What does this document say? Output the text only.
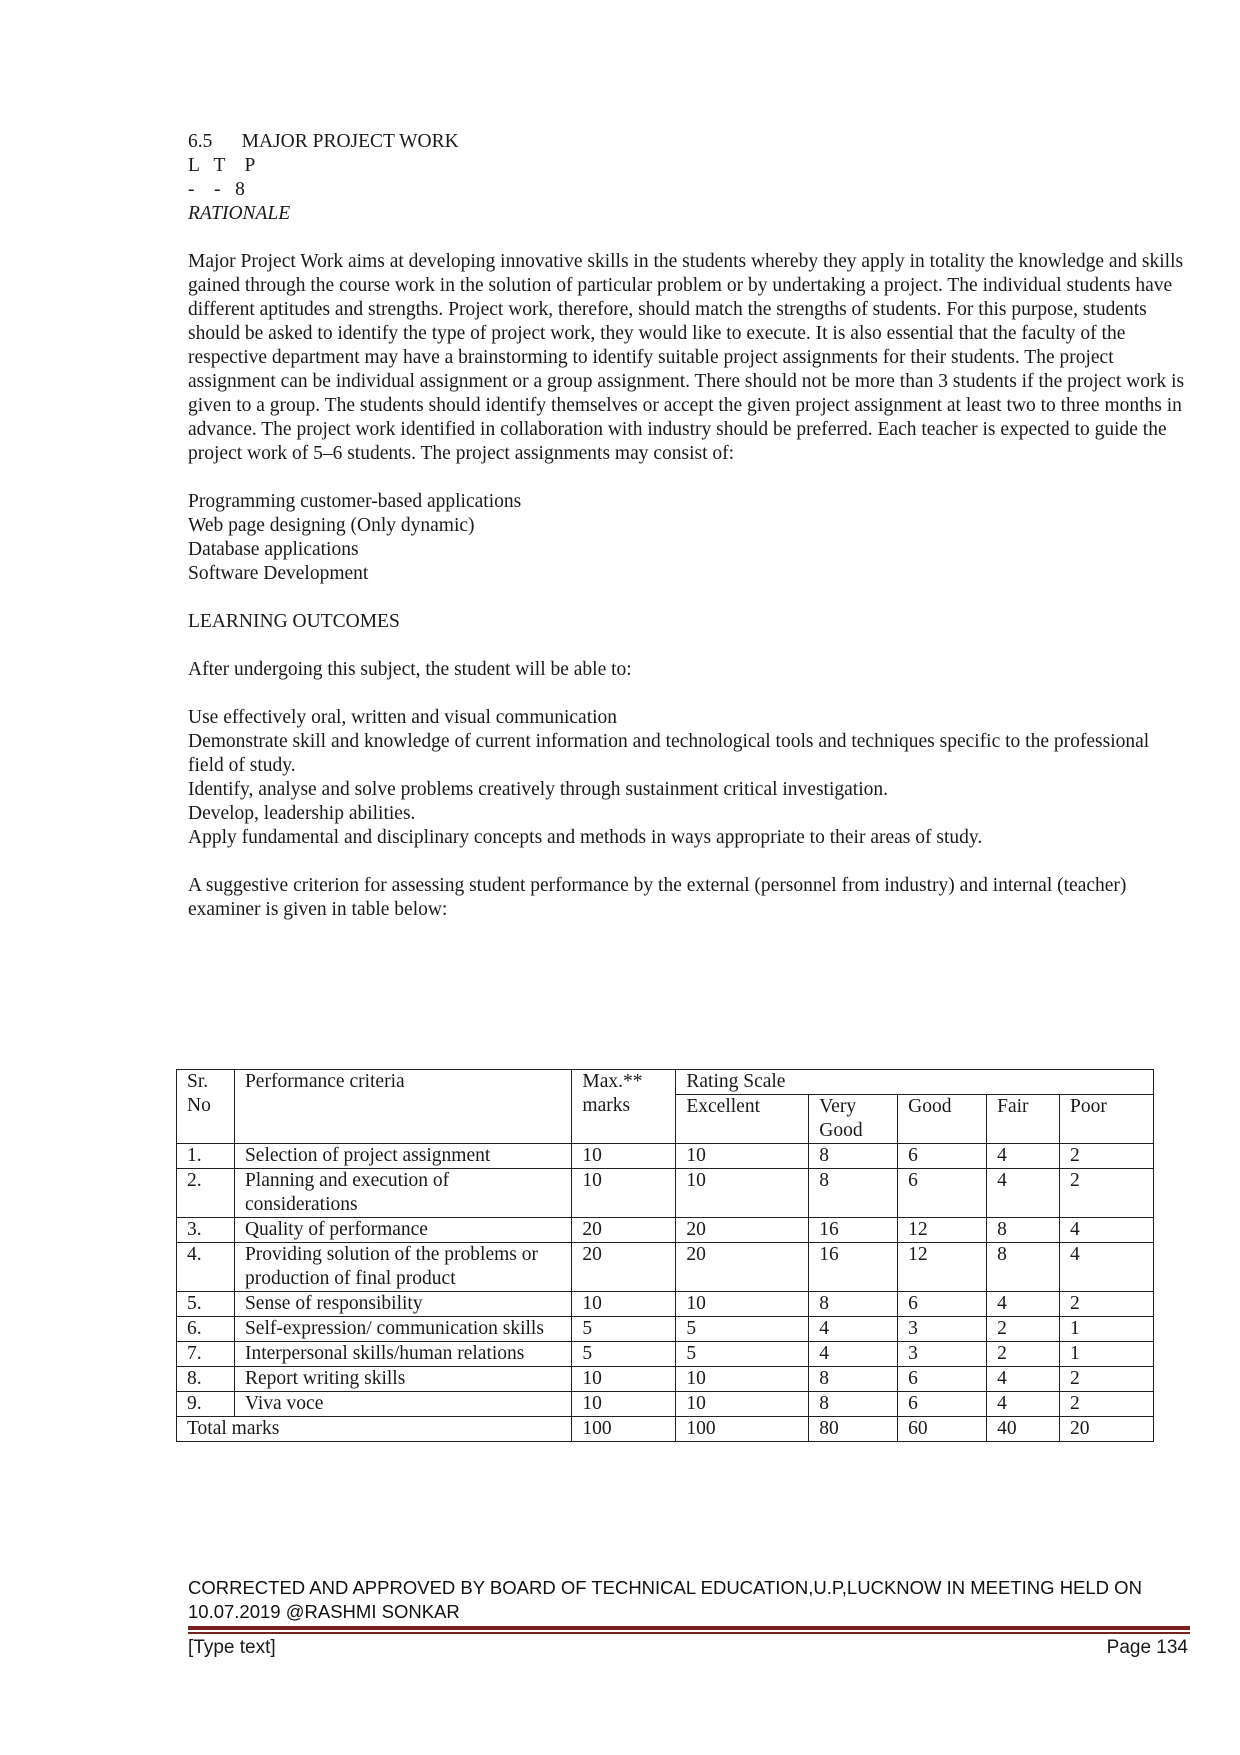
6.5 MAJOR PROJECT WORK
L   T    P
-    -   8
RATIONALE

Major Project Work aims at developing innovative skills in the students whereby they apply in totality the knowledge and skills gained through the course work in the solution of particular problem or by undertaking a project. The individual students have different aptitudes and strengths. Project work, therefore, should match the strengths of students. For this purpose, students should be asked to identify the type of project work, they would like to execute. It is also essential that the faculty of the respective department may have a brainstorming to identify suitable project assignments for their students. The project assignment can be individual assignment or a group assignment. There should not be more than 3 students if the project work is given to a group. The students should identify themselves or accept the given project assignment at least two to three months in advance. The project work identified in collaboration with industry should be preferred. Each teacher is expected to guide the project work of 5–6 students. The project assignments may consist of:

Programming customer-based applications
Web page designing (Only dynamic)
Database applications
Software Development
LEARNING OUTCOMES
After undergoing this subject, the student will be able to:
Use effectively oral, written and visual communication
Demonstrate skill and knowledge of current information and technological tools and techniques specific to the professional field of study.
Identify, analyse and solve problems creatively through sustainment critical investigation.
Develop, leadership abilities.
Apply fundamental and disciplinary concepts and methods in ways appropriate to their areas of study.

A suggestive criterion for assessing student performance by the external (personnel from industry) and internal (teacher) examiner is given in table below:

Sr. No	Performance criteria	Max.** marks	Rating Scale				
			Excellent	Very Good	Good	Fair	Poor
1.	Selection of project assignment	10	10	8	6	4	2
2.	Planning and execution of considerations	10	10	8	6	4	2
3.	Quality of performance	20	20	16	12	8	4
4.	Providing solution of the problems or production of final product	20	20	16	12	8	4
5.	Sense of responsibility	10	10	8	6	4	2
6.	Self-expression/ communication skills	5	5	4	3	2	1
7.	Interpersonal skills/human relations	5	5	4	3	2	1
8.	Report writing skills	10	10	8	6	4	2
9.	Viva voce	10	10	8	6	4	2
Total marks		100	100	80	60	40	20
CORRECTED AND APPROVED BY BOARD OF TECHNICAL EDUCATION,U.P,LUCKNOW IN MEETING HELD ON 10.07.2019 @RASHMI SONKAR
[Type text]	Page 134
